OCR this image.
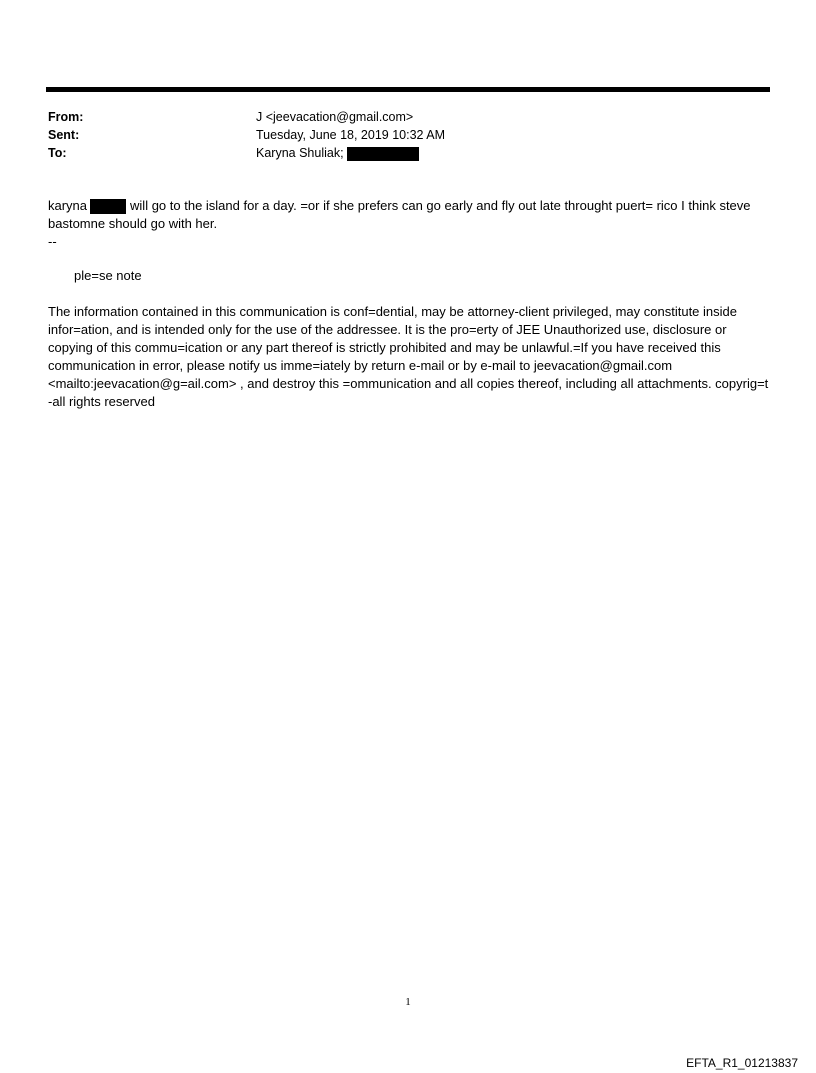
From:	J <jeevacation@gmail.com>
Sent:	Tuesday, June 18, 2019 10:32 AM
To:	Karyna Shuliak;
karyna	will go to the island for a day. =or if she prefers can go early and fly out late throught puert= rico I think steve bastomne should go with her.
--
ple=se note
The information contained in this communication is conf=dential, may be attorney-client privileged, may constitute inside infor=ation, and is intended only for the use of the addressee. It is the pro=erty of JEE Unauthorized use, disclosure or copying of this commu=ication or any part thereof is strictly prohibited and may be unlawful.=If you have received this communication in error, please notify us imme=iately by return e-mail or by e-mail to jeevacation@gmail.com <mailto:jeevacation@g=ail.com> , and destroy this =ommunication and all copies thereof, including all attachments. copyrig=t -all rights reserved
1
EFTA_R1_01213837
